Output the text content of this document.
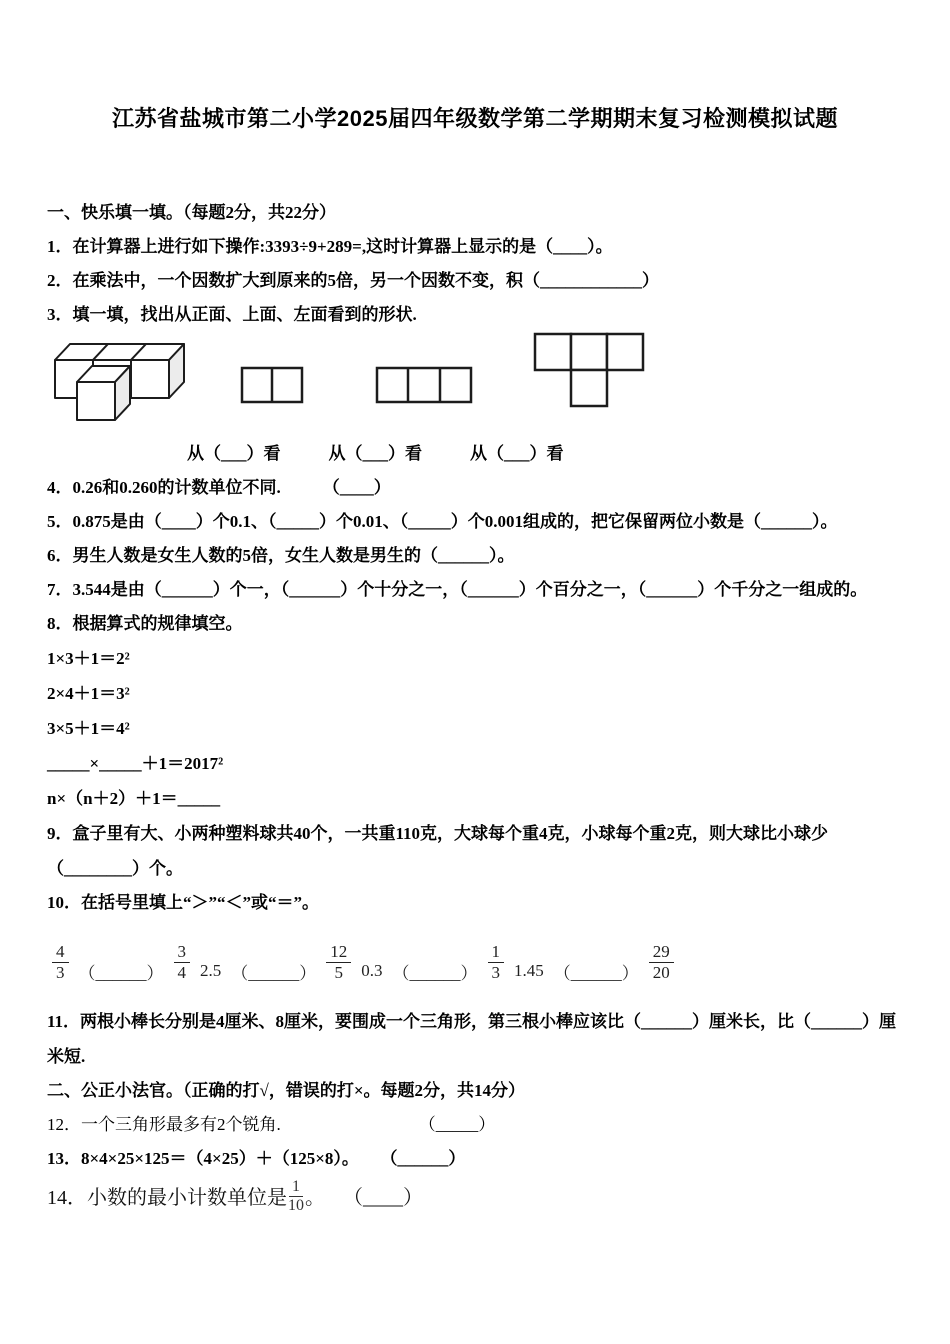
江苏省盐城市第二小学2025届四年级数学第二学期期末复习检测模拟试题
一、快乐填一填。（每题2分，共22分）
1．在计算器上进行如下操作:3393÷9+289=,这时计算器上显示的是（____）。
2．在乘法中，一个因数扩大到原来的5倍，另一个因数不变，积（____________）
3．填一填，找出从正面、上面、左面看到的形状.
从（___）看	从（___）看	从（___）看
4．0.26和0.260的计数单位不同. （____）
5．0.875是由（____）个0.1、（_____）个0.01、（_____）个0.001组成的，把它保留两位小数是（______）。
6．男生人数是女生人数的5倍，女生人数是男生的（______）。
7．3.544是由（______）个一，（______）个十分之一，（______）个百分之一，（______）个千分之一组成的。
8．根据算式的规律填空。
1×3＋1＝2²
2×4＋1＝3²
3×5＋1＝4²
_____×_____＋1＝2017²
n×（n＋2）＋1＝_____
9．盒子里有大、小两种塑料球共40个，一共重110克，大球每个重4克，小球每个重2克，则大球比小球少（________）个。
10．在括号里填上“＞”“＜”或“＝”。
$\frac{4}{3}$ （______） $\frac{3}{4} 2.5$ （______） $\frac{12}{5} 0.3$ （______） $\frac{1}{3} 1.45$ （______） $\frac{29}{20}$
11．两根小棒长分别是4厘米、8厘米，要围成一个三角形，第三根小棒应该比（______）厘米长，比（______）厘米短.
二、公正小法官。（正确的打√，错误的打×。每题2分，共14分）
12．一个三角形最多有2个锐角.	（_____）
13．8×4×25×125＝（4×25）＋（125×8）。 （______）
14．小数的最小计数单位是 $\frac{1}{10}$ 。 （____）
